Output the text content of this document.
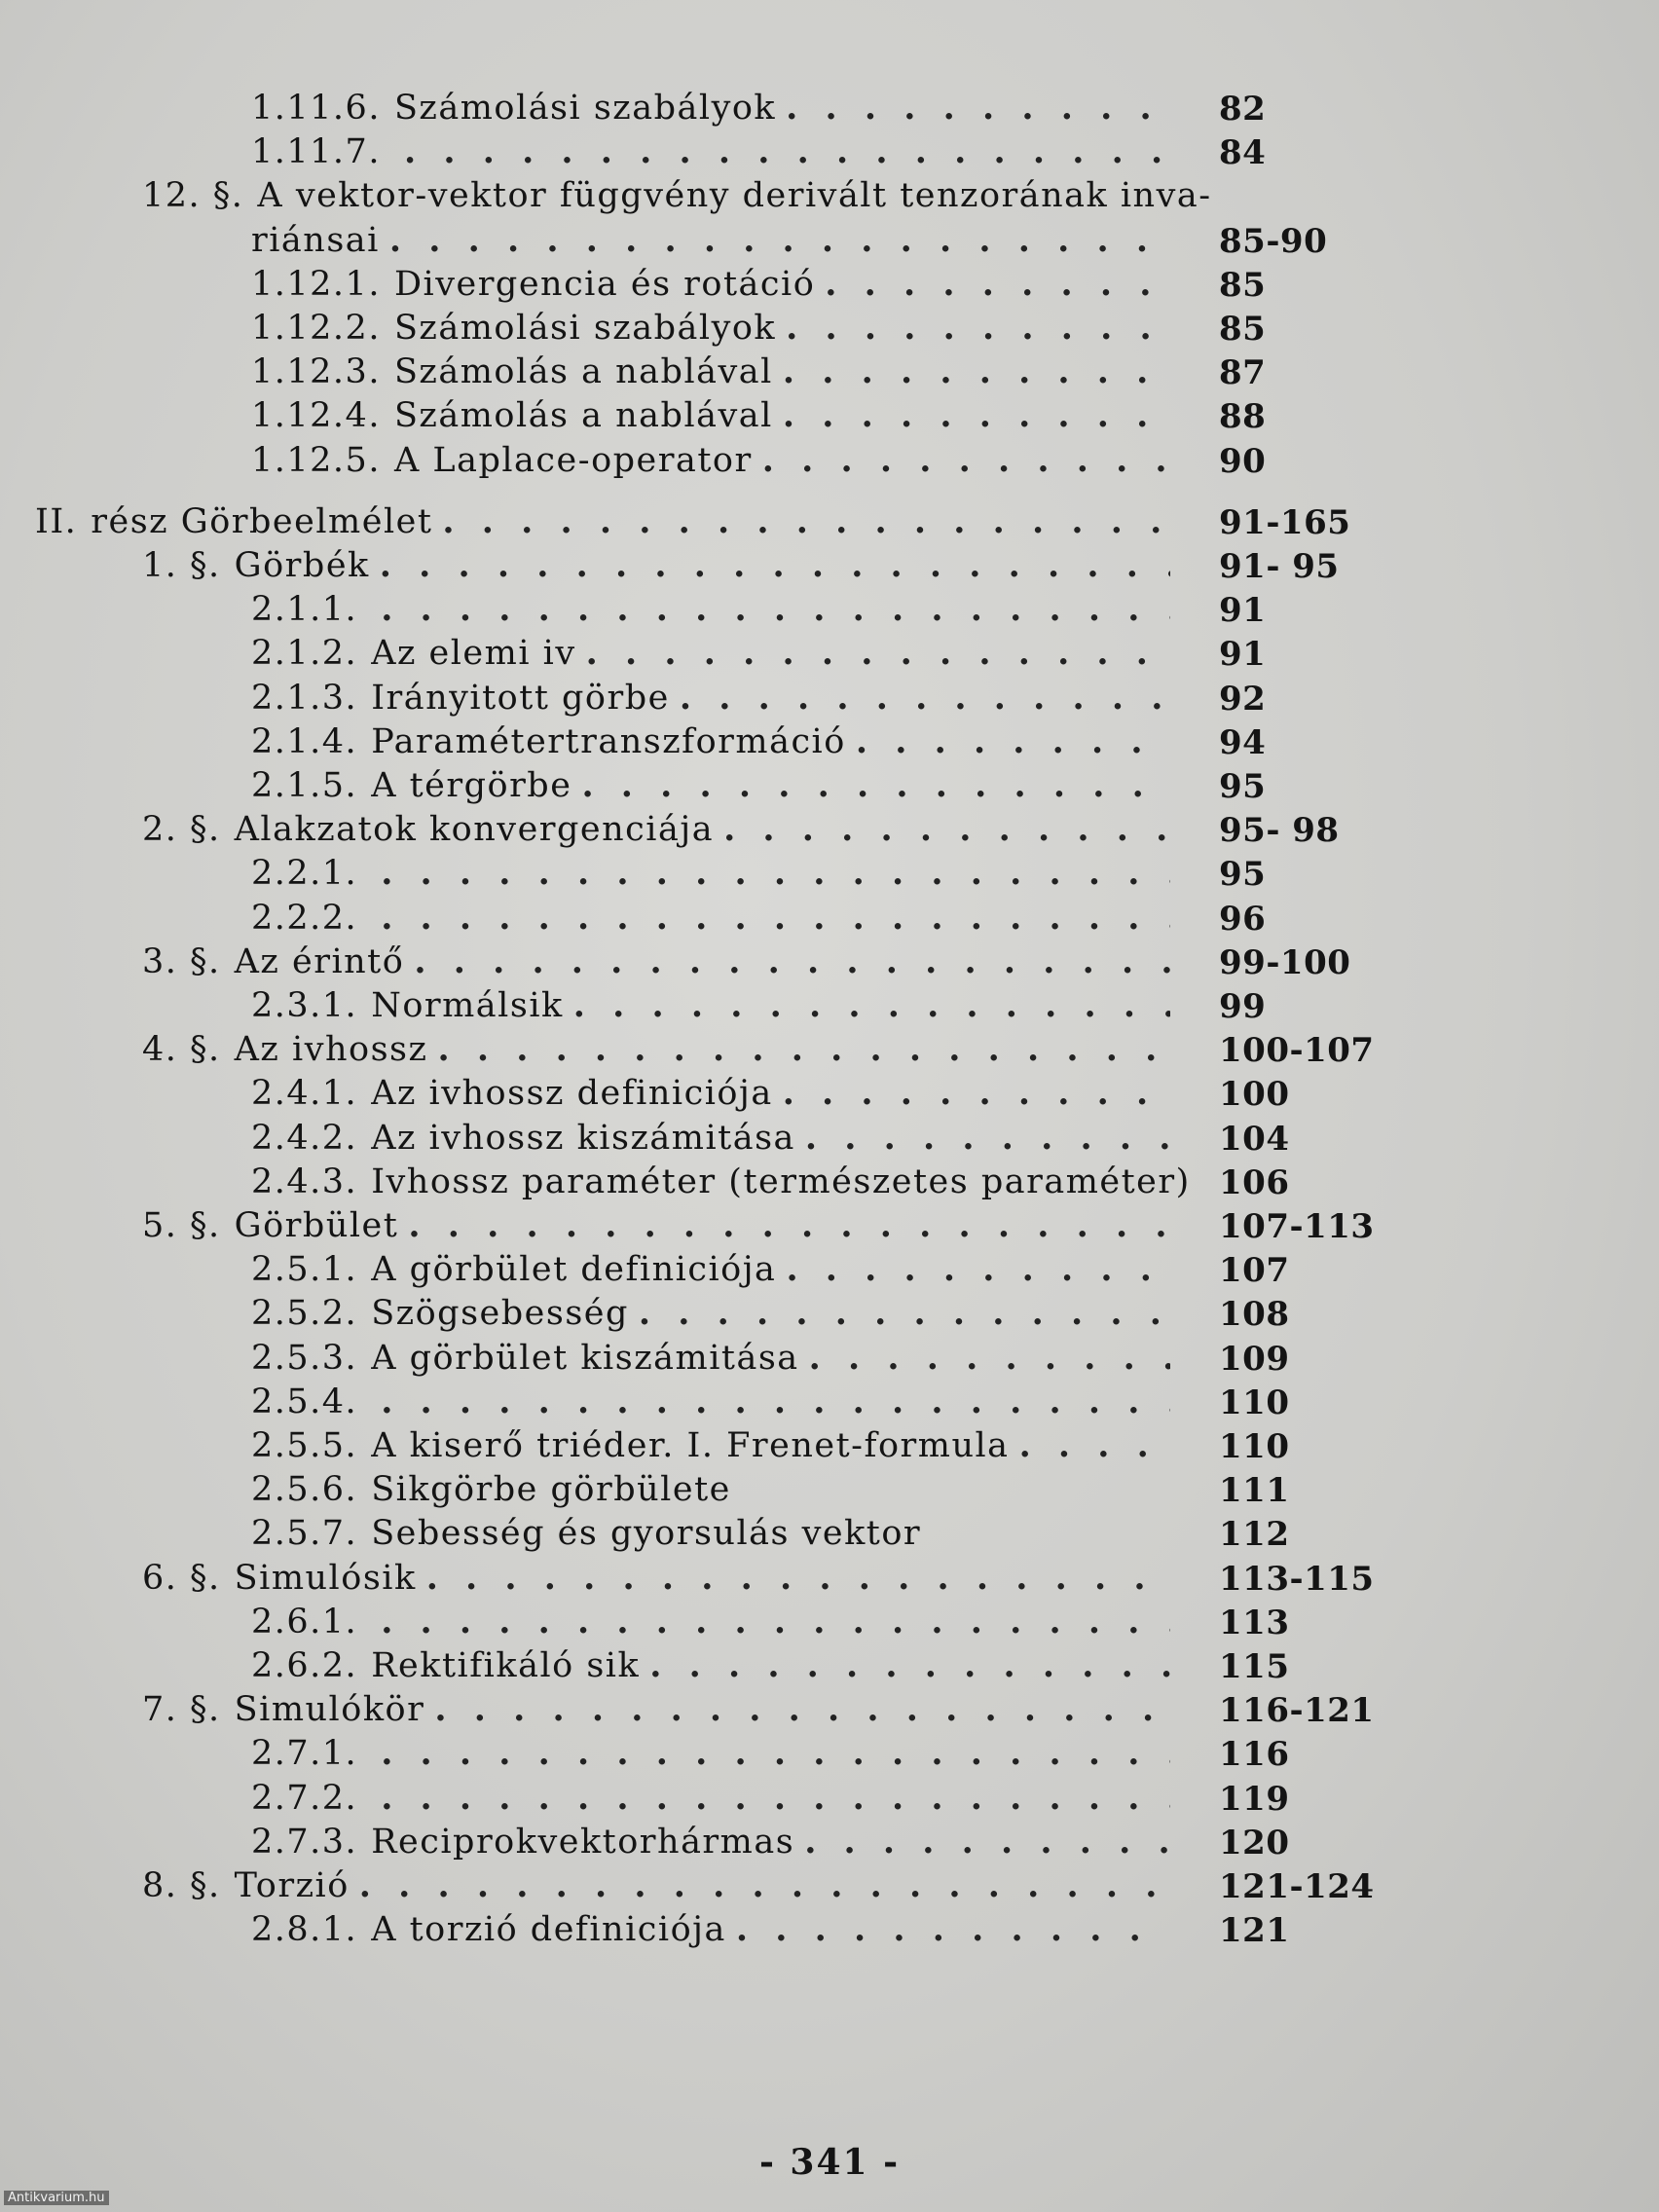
1.11.6. Számolási szabályok . . .	82
1.11.7. . . .	84
12. §. A vektor-vektor függvény derivált tenzorának inva-
riánsai . . .	85-90
1.12.1. Divergencia és rotáció . . .	85
1.12.2. Számolási szabályok . . .	85
1.12.3. Számolás a nablával . . .	87
1.12.4. Számolás a nablával . . .	88
1.12.5. A Laplace-operator . . .	90
II. rész Görbeelmélet . . .	91-165
1. §. Görbék . . .	91- 95
2.1.1. . . .	91
2.1.2. Az elemi iv . . .	91
2.1.3. Irányitott görbe . . .	92
2.1.4. Paramétertranszformáció . . .	94
2.1.5. A térgörbe . . .	95
2. §. Alakzatok konvergenciája . . .	95- 98
2.2.1. . . .	95
2.2.2. . . .	96
3. §. Az érintő . . .	99-100
2.3.1. Normálsik . . .	99
4. §. Az ivhossz . . .	100-107
2.4.1. Az ivhossz definiciója . . .	100
2.4.2. Az ivhossz kiszámitása . . .	104
2.4.3. Ivhossz paraméter (természetes paraméter) 106
5. §. Görbület . . .	107-113
2.5.1. A görbület definiciója . . .	107
2.5.2. Szögsebesség . . .	108
2.5.3. A görbület kiszámitása . . .	109
2.5.4. . . .	110
2.5.5. A kiserő triéder. I. Frenet-formula . . .	110
2.5.6. Sikgörbe görbülete	111
2.5.7. Sebesség és gyorsulás vektor	112
6. §. Simulósik . . .	113-115
2.6.1. . . .	113
2.6.2. Rektifikáló sik . . .	115
7. §. Simulókör . . .	116-121
2.7.1. . . .	116
2.7.2. . . .	119
2.7.3. Reciprokvektorhármas . . .	120
8. §. Torzió . . .	121-124
2.8.1. A torzió definiciója . . .	121
- 341 -
Antikvarium.hu
